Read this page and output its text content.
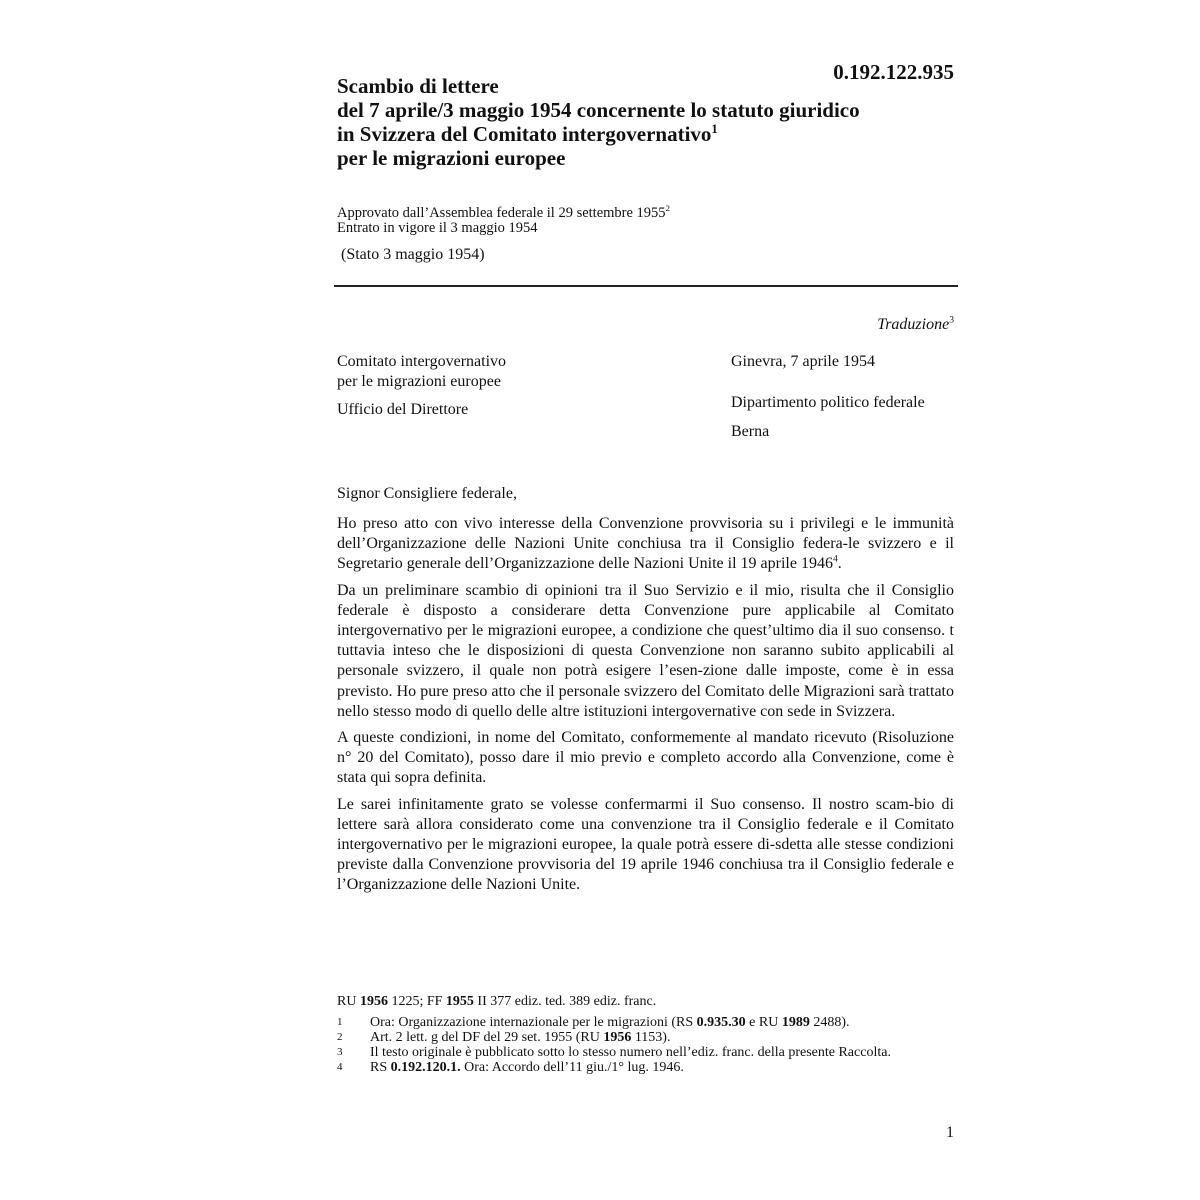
0.192.122.935
Scambio di lettere
del 7 aprile/3 maggio 1954 concernente lo statuto giuridico
in Svizzera del Comitato intergovernativo$^1$
per le migrazioni europee
Approvato dall’Assemblea federale il 29 settembre 1955$^2$
Entrato in vigore il 3 maggio 1954
(Stato 3 maggio 1954)
Traduzione$^3$
Comitato intergovernativo
per le migrazioni europee
Ufficio del Direttore
Ginevra, 7 aprile 1954
Dipartimento politico federale
Berna
Signor Consigliere federale,

Ho preso atto con vivo interesse della Convenzione provvisoria su i privilegi e le immunità dell’Organizzazione delle Nazioni Unite conchiusa tra il Consiglio federa-le svizzero e il Segretario generale dell’Organizzazione delle Nazioni Unite il 19 aprile 1946$^4$.

Da un preliminare scambio di opinioni tra il Suo Servizio e il mio, risulta che il Consiglio federale è disposto a considerare detta Convenzione pure applicabile al Comitato intergovernativo per le migrazioni europee, a condizione che quest’ultimo dia il suo consenso. t tuttavia inteso che le disposizioni di questa Convenzione non saranno subito applicabili al personale svizzero, il quale non potrà esigere l’esen-zione dalle imposte, come è in essa previsto. Ho pure preso atto che il personale svizzero del Comitato delle Migrazioni sarà trattato nello stesso modo di quello delle altre istituzioni intergovernative con sede in Svizzera.

A queste condizioni, in nome del Comitato, conformemente al mandato ricevuto (Risoluzione n° 20 del Comitato), posso dare il mio previo e completo accordo alla Convenzione, come è stata qui sopra definita.

Le sarei infinitamente grato se volesse confermarmi il Suo consenso. Il nostro scam-bio di lettere sarà allora considerato come una convenzione tra il Consiglio federale e il Comitato intergovernativo per le migrazioni europee, la quale potrà essere di-sdetta alle stesse condizioni previste dalla Convenzione provvisoria del 19 aprile 1946 conchiusa tra il Consiglio federale e l’Organizzazione delle Nazioni Unite.

RU 1956 1225; FF 1955 II 377 ediz. ted. 389 ediz. franc.
1	Ora: Organizzazione internazionale per le migrazioni (RS 0.935.30 e RU 1989 2488).
2	Art. 2 lett. g del DF del 29 set. 1955 (RU 1956 1153).
3	Il testo originale è pubblicato sotto lo stesso numero nell’ediz. franc. della presente Raccolta.
4	RS 0.192.120.1. Ora: Accordo dell’11 giu./1° lug. 1946.
1
